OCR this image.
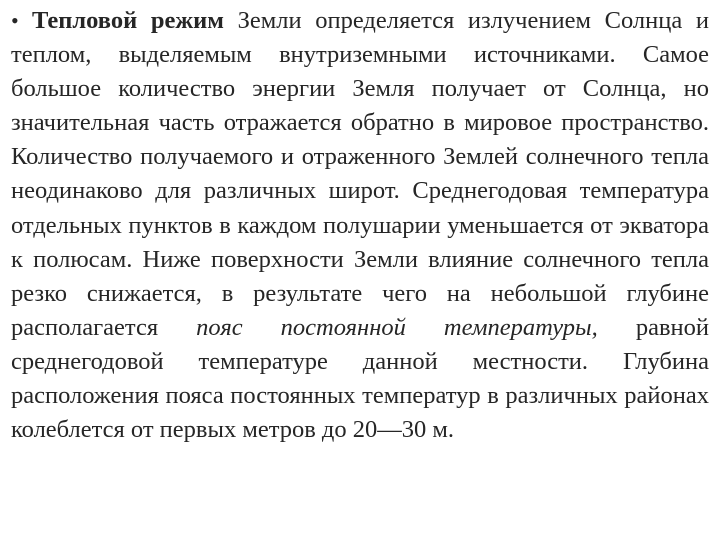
• Тепловой режим Земли определяется излучением Солнца и теплом, выделяемым внутриземными источниками. Самое большое количество энергии Земля получает от Солнца, но значительная часть отражается обратно в мировое пространство. Количество получаемого и отраженного Землей солнечного тепла неодинаково для различных широт. Среднегодовая температура отдельных пунктов в каждом полушарии уменьшается от экватора к полюсам. Ниже поверхности Земли влияние солнечного тепла резко снижается, в результате чего на небольшой глубине располагается пояс постоянной температуры, равной среднегодовой температуре данной местности. Глубина расположения пояса постоянных температур в различных районах колеблется от первых метров до 20—30 м.
